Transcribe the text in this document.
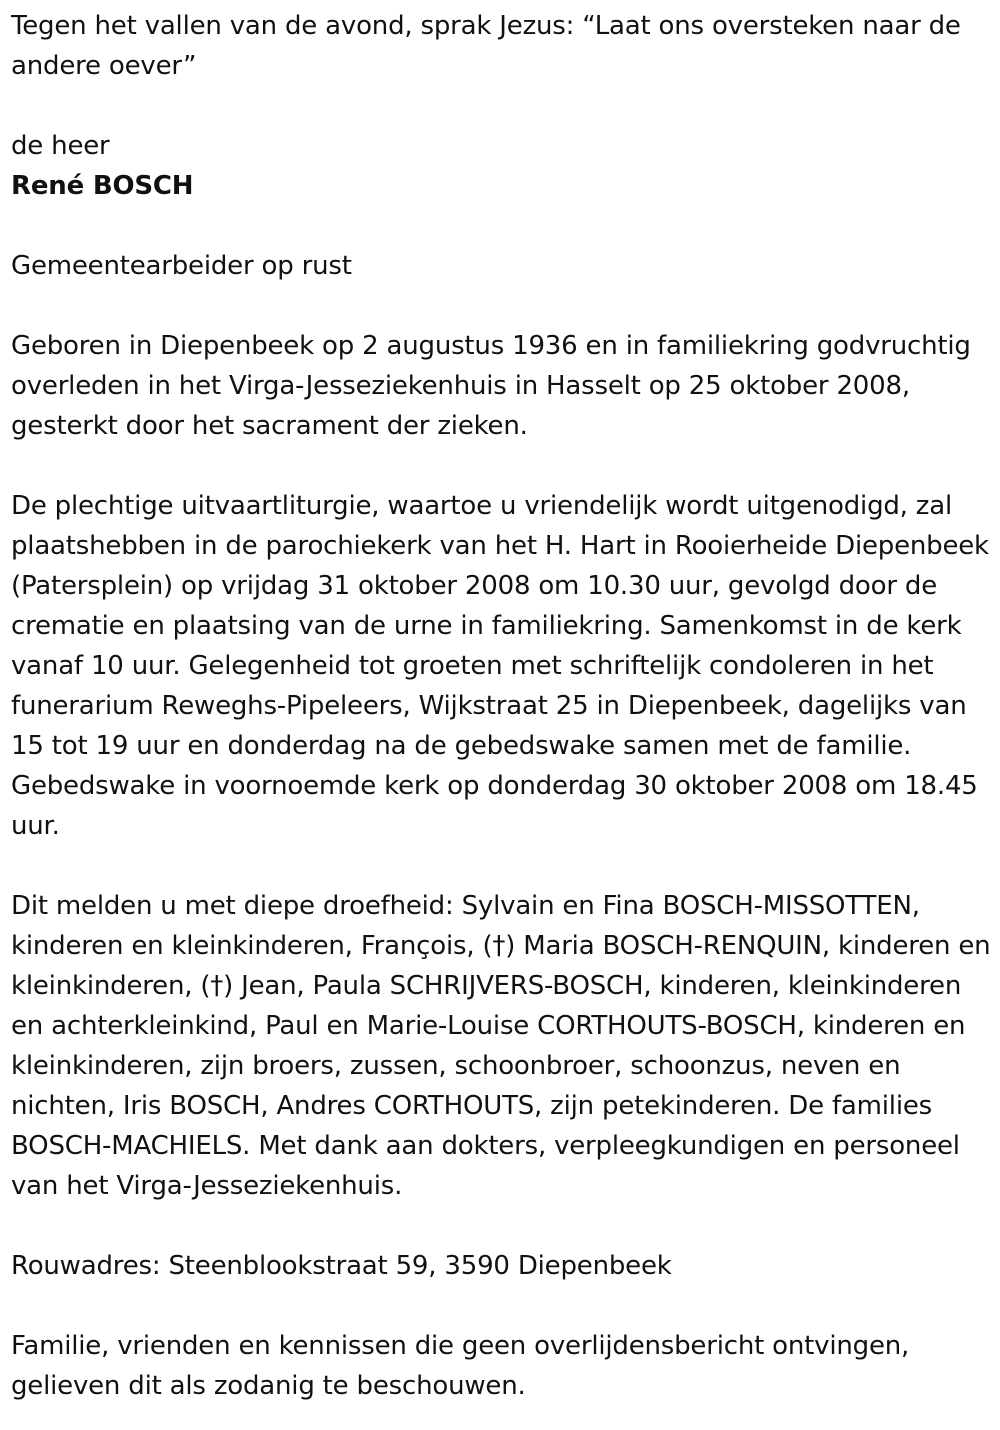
Tegen het vallen van de avond, sprak Jezus: “Laat ons oversteken naar de andere oever”

de heer

René BOSCH

Gemeentearbeider op rust

Geboren in Diepenbeek op 2 augustus 1936 en in familiekring godvruchtig overleden in het Virga-Jesseziekenhuis in Hasselt op 25 oktober 2008, gesterkt door het sacrament der zieken.

De plechtige uitvaartliturgie, waartoe u vriendelijk wordt uitgenodigd, zal plaatshebben in de parochiekerk van het H. Hart in Rooierheide Diepenbeek (Patersplein) op vrijdag 31 oktober 2008 om 10.30 uur, gevolgd door de crematie en plaatsing van de urne in familiekring. Samenkomst in de kerk vanaf 10 uur. Gelegenheid tot groeten met schriftelijk condoleren in het funerarium Reweghs-Pipeleers, Wijkstraat 25 in Diepenbeek, dagelijks van 15 tot 19 uur en donderdag na de gebedswake samen met de familie. Gebedswake in voornoemde kerk op donderdag 30 oktober 2008 om 18.45 uur.

Dit melden u met diepe droefheid: Sylvain en Fina BOSCH-MISSOTTEN, kinderen en kleinkinderen, François, (†) Maria BOSCH-RENQUIN, kinderen en kleinkinderen, (†) Jean, Paula SCHRIJVERS-BOSCH, kinderen, kleinkinderen en achterkleinkind, Paul en Marie-Louise CORTHOUTS-BOSCH, kinderen en kleinkinderen, zijn broers, zussen, schoonbroer, schoonzus, neven en nichten, Iris BOSCH, Andres CORTHOUTS, zijn petekinderen. De families BOSCH-MACHIELS. Met dank aan dokters, verpleegkundigen en personeel van het Virga-Jesseziekenhuis.

Rouwadres: Steenblookstraat 59, 3590 Diepenbeek

Familie, vrienden en kennissen die geen overlijdensbericht ontvingen, gelieven dit als zodanig te beschouwen.
